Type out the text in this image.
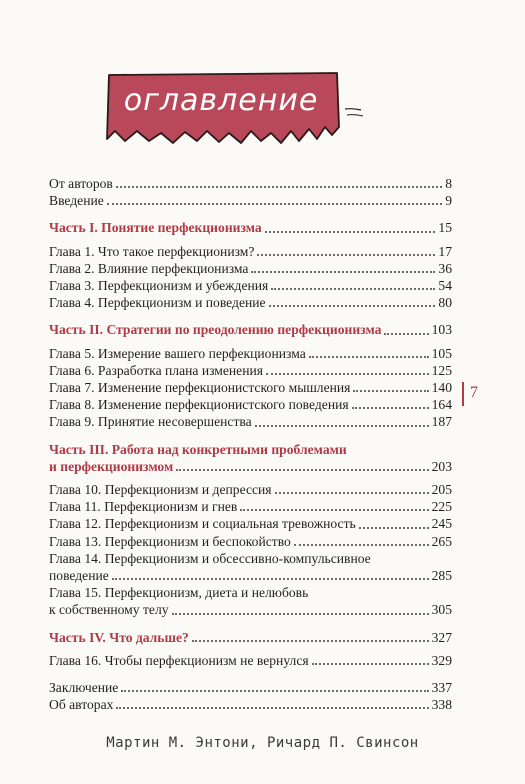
оглавление
От авторов	8
Введение	9
Часть I. Понятие перфекционизма	15
Глава 1. Что такое перфекционизм?	17
Глава 2. Влияние перфекционизма	36
Глава 3. Перфекционизм и убеждения	54
Глава 4. Перфекционизм и поведение	80
Часть II. Стратегии по преодолению перфекционизма	103
Глава 5. Измерение вашего перфекционизма	105
Глава 6. Разработка плана изменения	125
Глава 7. Изменение перфекционистского мышления	140
Глава 8. Изменение перфекционистского поведения	164
Глава 9. Принятие несовершенства	187
Часть III. Работа над конкретными проблемами
и перфекционизмом	203
Глава 10. Перфекционизм и депрессия	205
Глава 11. Перфекционизм и гнев	225
Глава 12. Перфекционизм и социальная тревожность	245
Глава 13. Перфекционизм и беспокойство	265
Глава 14. Перфекционизм и обсессивно-компульсивное
поведение	285
Глава 15. Перфекционизм, диета и нелюбовь
к собственному телу	305
Часть IV. Что дальше?	327
Глава 16. Чтобы перфекционизм не вернулся	329
Заключение	337
Об авторах	338
7
Мартин М. Энтони, Ричард П. Свинсон
